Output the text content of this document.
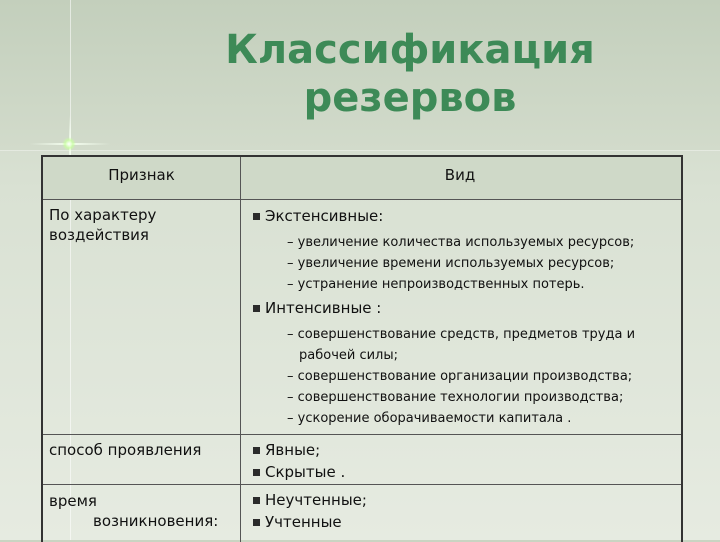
Классификация
резервов
Признак	Вид
По характеру
воздействия
Экстенсивные:
– увеличение количества используемых ресурсов;
– увеличение времени используемых ресурсов;
– устранение непроизводственных потерь.
Интенсивные :
– совершенствование средств, предметов труда и рабочей силы;
– совершенствование организации производства;
– совершенствование технологии производства;
– ускорение оборачиваемости капитала .
способ проявления	Явные;
Скрытые .
время
возникновения:
Неучтенные;
Учтенные
